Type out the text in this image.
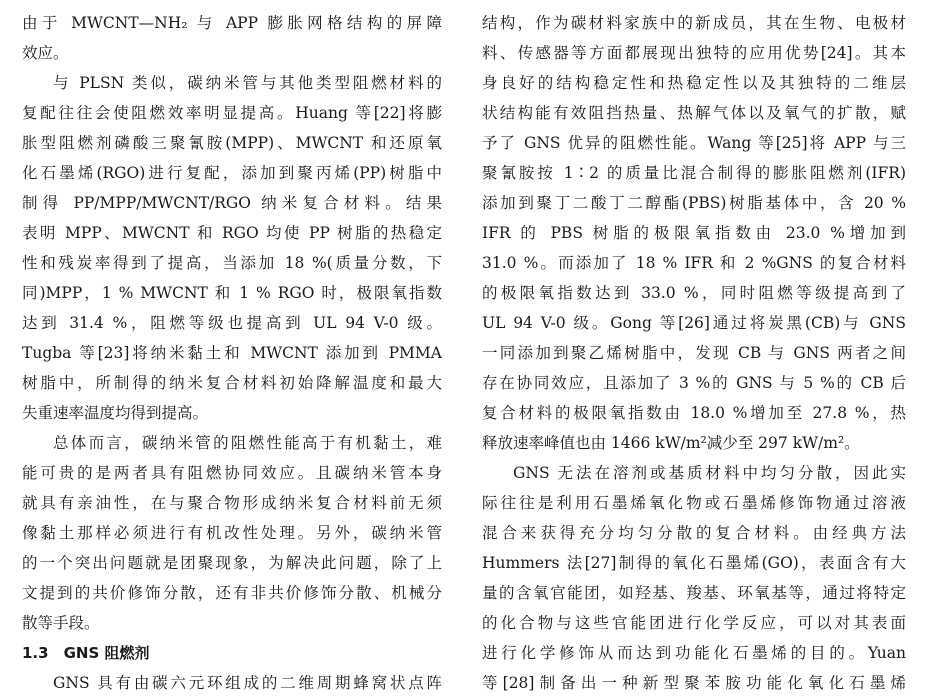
由于 MWCNT—NH₂ 与 APP 膨胀网格结构的屏障
效应。
与 PLSN 类似，碳纳米管与其他类型阻燃材料的
复配往往会使阻燃效率明显提高。Huang 等[22]将膨
胀型阻燃剂磷酸三聚氰胺(MPP)、MWCNT 和还原氧
化石墨烯(RGO)进行复配，添加到聚丙烯(PP)树脂中
制得 PP/MPP/MWCNT/RGO 纳米复合材料。结果
表明 MPP、MWCNT 和 RGO 均使 PP 树脂的热稳定
性和残炭率得到了提高，当添加 18 %(质量分数，下
同)MPP，1 % MWCNT 和 1 % RGO 时，极限氧指数
达到 31.4 %，阻燃等级也提高到 UL 94 V-0 级。
Tugba 等[23]将纳米黏土和 MWCNT 添加到 PMMA
树脂中，所制得的纳米复合材料初始降解温度和最大
失重速率温度均得到提高。
总体而言，碳纳米管的阻燃性能高于有机黏土，难
能可贵的是两者具有阻燃协同效应。且碳纳米管本身
就具有亲油性，在与聚合物形成纳米复合材料前无须
像黏土那样必须进行有机改性处理。另外，碳纳米管
的一个突出问题就是团聚现象，为解决此问题，除了上
文提到的共价修饰分散，还有非共价修饰分散、机械分
散等手段。
1.3　GNS 阻燃剂
GNS 具有由碳六元环组成的二维周期蜂窝状点阵
结构，作为碳材料家族中的新成员，其在生物、电极材
料、传感器等方面都展现出独特的应用优势[24]。其本
身良好的结构稳定性和热稳定性以及其独特的二维层
状结构能有效阻挡热量、热解气体以及氧气的扩散，赋
予了 GNS 优异的阻燃性能。Wang 等[25]将 APP 与三
聚氰胺按 1∶2 的质量比混合制得的膨胀阻燃剂(IFR)
添加到聚丁二酸丁二醇酯(PBS)树脂基体中，含 20 %
IFR 的 PBS 树脂的极限氧指数由 23.0 %增加到
31.0 %。而添加了 18 % IFR 和 2 %GNS 的复合材料
的极限氧指数达到 33.0 %，同时阻燃等级提高到了
UL 94 V-0 级。Gong 等[26]通过将炭黑(CB)与 GNS
一同添加到聚乙烯树脂中，发现 CB 与 GNS 两者之间
存在协同效应，且添加了 3 %的 GNS 与 5 %的 CB 后
复合材料的极限氧指数由 18.0 %增加至 27.8 %，热
释放速率峰值也由 1466 kW/m²减少至 297 kW/m²。
GNS 无法在溶剂或基质材料中均匀分散，因此实
际往往是利用石墨烯氧化物或石墨烯修饰物通过溶液
混合来获得充分均匀分散的复合材料。由经典方法
Hummers 法[27]制得的氧化石墨烯(GO)，表面含有大
量的含氧官能团，如羟基、羧基、环氧基等，通过将特定
的化合物与这些官能团进行化学反应，可以对其表面
进行化学修饰从而达到功能化石墨烯的目的。Yuan
等[28]制备出一种新型聚苯胺功能化氧化石墨烯
